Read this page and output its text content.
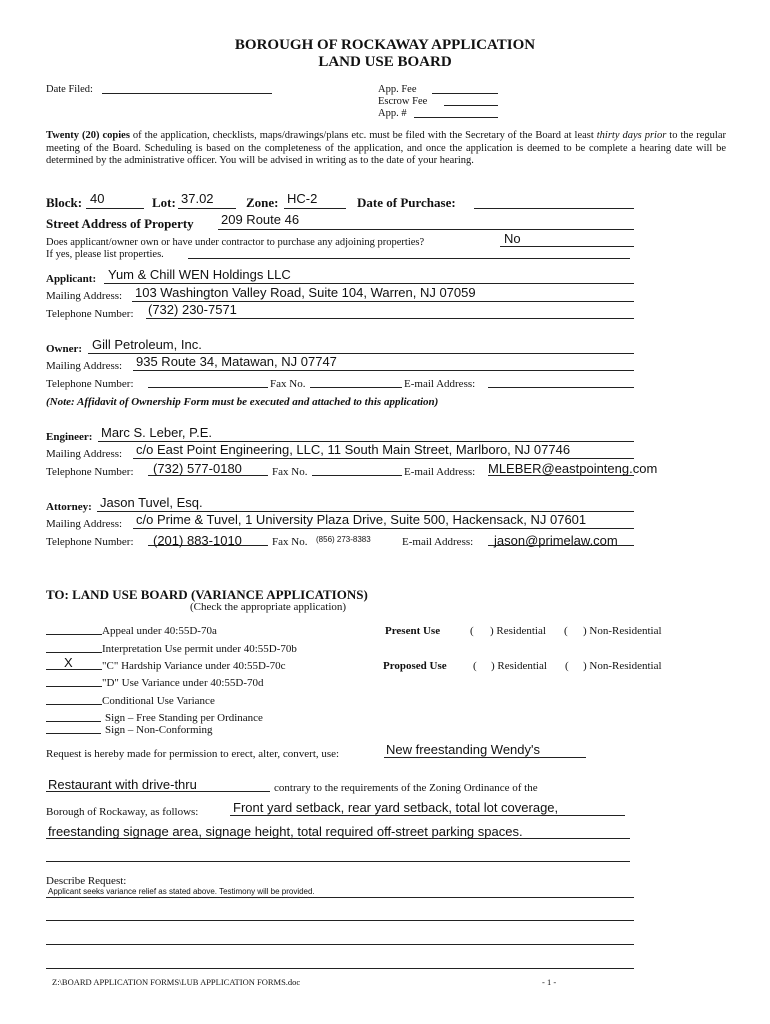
BOROUGH OF ROCKAWAY APPLICATION
LAND USE BOARD
Date Filed:	App. Fee
Escrow Fee
App. #
Twenty (20) copies of the application, checklists, maps/drawings/plans etc. must be filed with the Secretary of the Board at least thirty days prior to the regular meeting of the Board. Scheduling is based on the completeness of the application, and once the application is deemed to be complete a hearing date will be determined by the administrative officer. You will be advised in writing as to the date of your hearing.
Block: 40	Lot: 37.02 Zone: HC-2	Date of Purchase:
Street Address of Property 209 Route 46
Does applicant/owner own or have under contractor to purchase any adjoining properties?	No
If yes, please list properties.
Applicant: Yum & Chill WEN Holdings LLC
Mailing Address: 103 Washington Valley Road, Suite 104, Warren, NJ 07059
Telephone Number: (732) 230-7571
Owner: Gill Petroleum, Inc.
Mailing Address: 935 Route 34, Matawan, NJ 07747
Telephone Number:	Fax No.	E-mail Address:
(Note: Affidavit of Ownership Form must be executed and attached to this application)
Engineer: Marc S. Leber, P.E.
Mailing Address: c/o East Point Engineering, LLC, 11 South Main Street, Marlboro, NJ 07746
Telephone Number: (732) 577-0180	Fax No.	E-mail Address: MLEBER@eastpointeng.com
Attorney: Jason Tuvel, Esq.
Mailing Address: c/o Prime & Tuvel, 1 University Plaza Drive, Suite 500, Hackensack, NJ 07601
Telephone Number: (201) 883-1010	Fax No. (856) 273-8383	E-mail Address: jason@primelaw.com
TO: LAND USE BOARD (VARIANCE APPLICATIONS)
(Check the appropriate application)
Appeal under 40:55D-70a
Interpretation Use permit under 40:55D-70b
X	"C" Hardship Variance under 40:55D-70c
"D" Use Variance under 40:55D-70d
Conditional Use Variance
Sign – Free Standing per Ordinance
Sign – Non-Conforming
Present Use	( ) Residential ( ) Non-Residential
Proposed Use ( ) Residential ( ) Non-Residential
Request is hereby made for permission to erect, alter, convert, use:	New freestanding Wendy's
Restaurant with drive-thru	contrary to the requirements of the Zoning Ordinance of the
Borough of Rockaway, as follows:	Front yard setback, rear yard setback, total lot coverage,
freestanding signage area, signage height, total required off-street parking spaces.
Describe Request:
Applicant seeks variance relief as stated above. Testimony will be provided.
Z:\BOARD APPLICATION FORMS\LUB APPLICATION FORMS.doc	- 1 -
